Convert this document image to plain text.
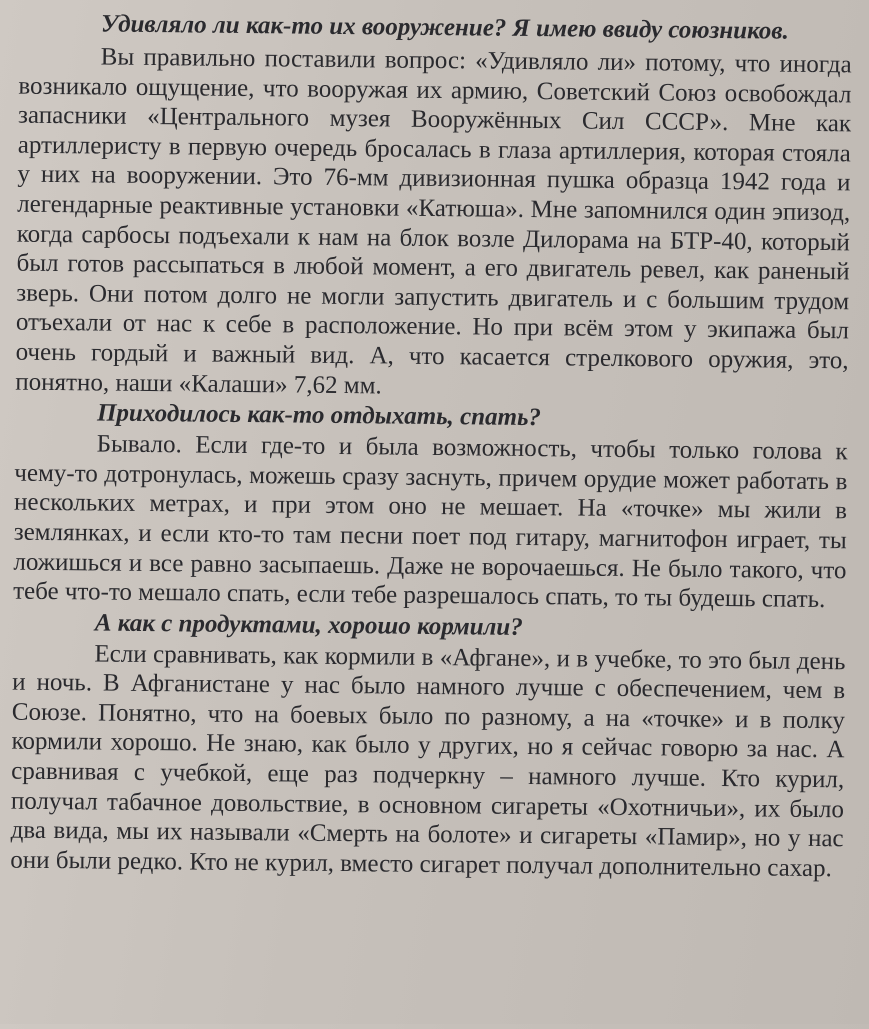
Удивляло ли как-то их вооружение? Я имею ввиду союзников.

Вы правильно поставили вопрос: «Удивляло ли» потому, что иногда возникало ощущение, что вооружая их армию, Советский Союз освобождал запасники «Центрального музея Вооружённых Сил СССР». Мне как артиллеристу в первую очередь бросалась в глаза артиллерия, которая стояла у них на вооружении. Это 76-мм дивизионная пушка образца 1942 года и легендарные реактивные установки «Катюша». Мне запомнился один эпизод, когда сарбосы подъехали к нам на блок возле Дилорама на БТР-40, который был готов рассыпаться в любой момент, а его двигатель ревел, как раненый зверь. Они потом долго не могли запустить двигатель и с большим трудом отъехали от нас к себе в расположение. Но при всём этом у экипажа был очень гордый и важный вид. А, что касается стрелкового оружия, это, понятно, наши «Калаши» 7,62 мм.

Приходилось как-то отдыхать, спать?

Бывало. Если где-то и была возможность, чтобы только голова к чему-то дотронулась, можешь сразу заснуть, причем орудие может работать в нескольких метрах, и при этом оно не мешает. На «точке» мы жили в землянках, и если кто-то там песни поет под гитару, магнитофон играет, ты ложишься и все равно засыпаешь. Даже не ворочаешься. Не было такого, что тебе что-то мешало спать, если тебе разрешалось спать, то ты будешь спать.

А как с продуктами, хорошо кормили?

Если сравнивать, как кормили в «Афгане», и в учебке, то это был день и ночь. В Афганистане у нас было намного лучше с обеспечением, чем в Союзе. Понятно, что на боевых было по разному, а на «точке» и в полку кормили хорошо. Не знаю, как было у других, но я сейчас говорю за нас. А сравнивая с учебкой, еще раз подчеркну – намного лучше. Кто курил, получал табачное довольствие, в основном сигареты «Охотничьи», их было два вида, мы их называли «Смерть на болоте» и сигареты «Памир», но у нас они были редко. Кто не курил, вместо сигарет получал дополнительно сахар.
